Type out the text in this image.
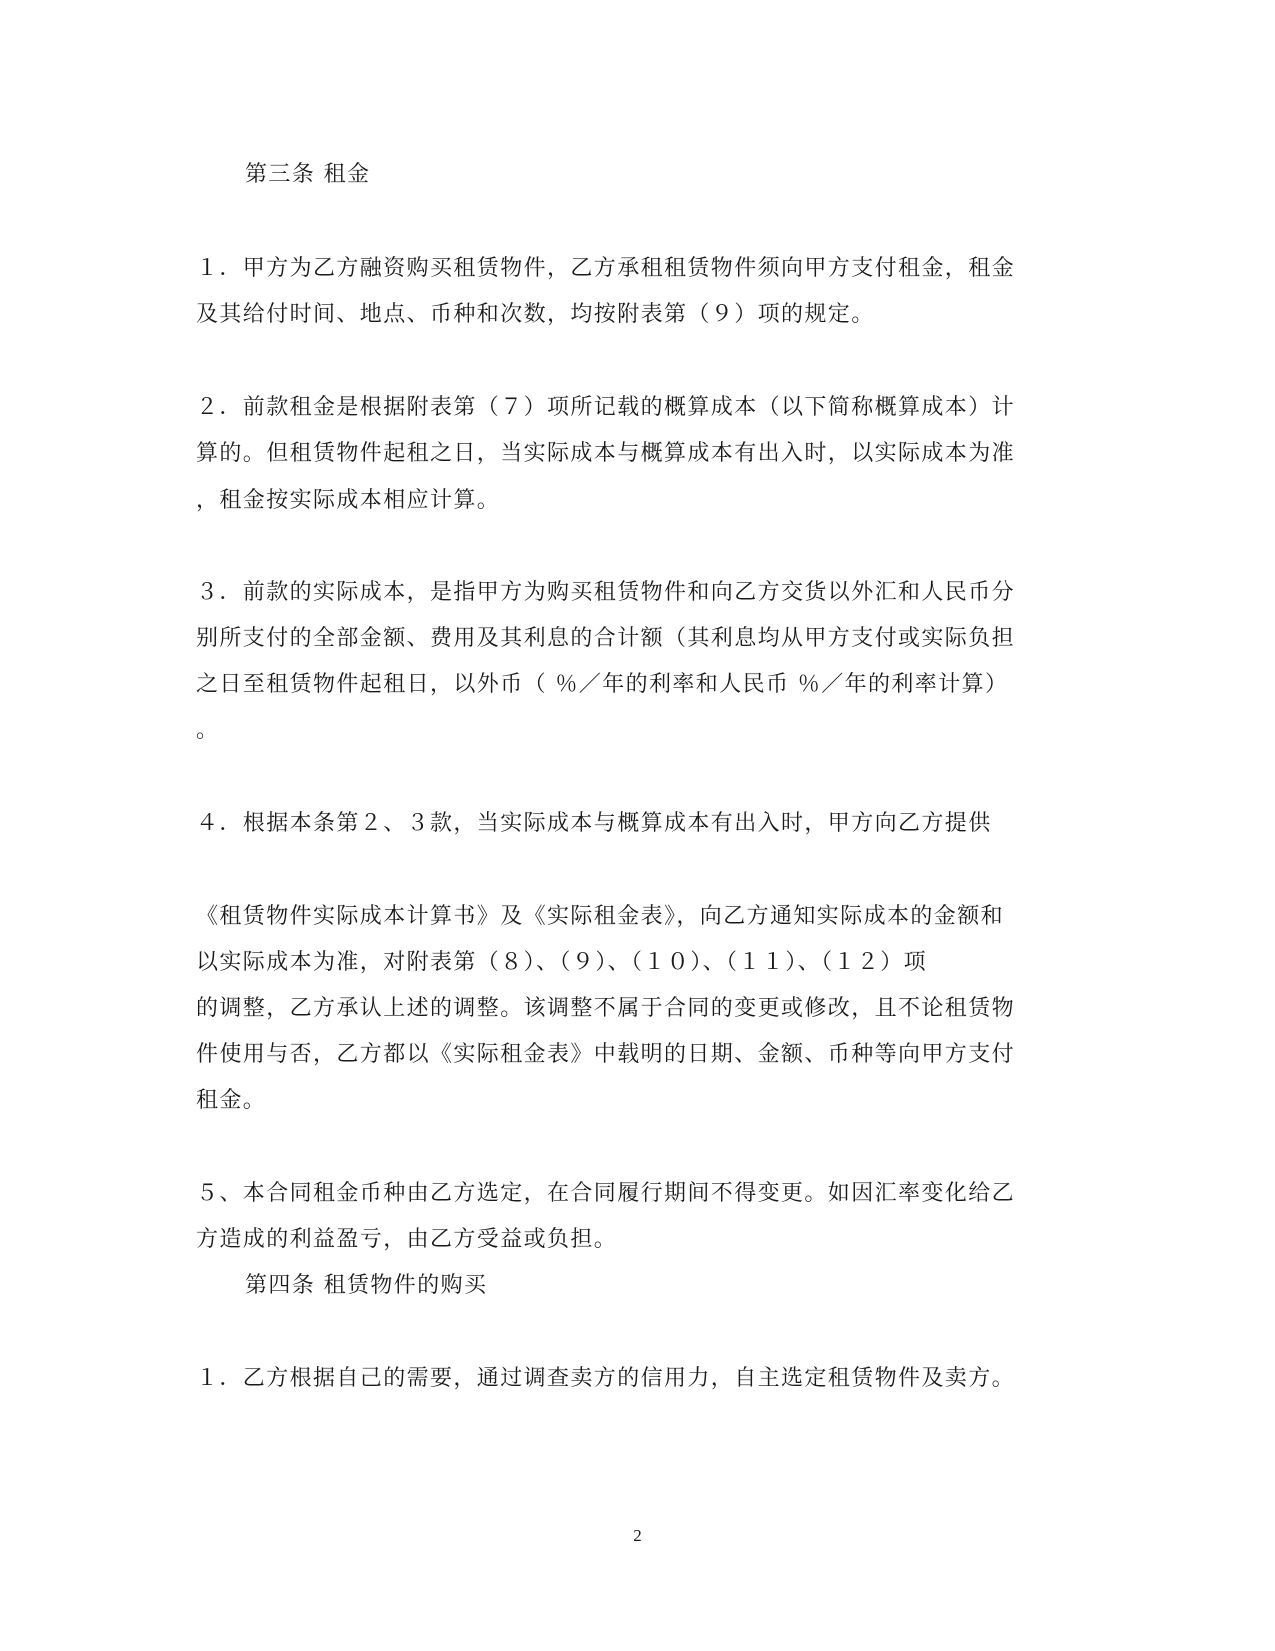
第三条 租金
１．甲方为乙方融资购买租赁物件，乙方承租租赁物件须向甲方支付租金，租金
及其给付时间、地点、币种和次数，均按附表第（９）项的规定。
２．前款租金是根据附表第（７）项所记载的概算成本（以下简称概算成本）计
算的。但租赁物件起租之日，当实际成本与概算成本有出入时，以实际成本为准
，租金按实际成本相应计算。
３．前款的实际成本，是指甲方为购买租赁物件和向乙方交货以外汇和人民币分
别所支付的全部金额、费用及其利息的合计额（其利息均从甲方支付或实际负担
之日至租赁物件起租日，以外币（ ％／年的利率和人民币 ％／年的利率计算）
。
４．根据本条第２、３款，当实际成本与概算成本有出入时，甲方向乙方提供
《租赁物件实际成本计算书》及《实际租金表》，向乙方通知实际成本的金额和
以实际成本为准，对附表第（８）、（９）、（１０）、（１１）、（１２）项
的调整，乙方承认上述的调整。该调整不属于合同的变更或修改，且不论租赁物
件使用与否，乙方都以《实际租金表》中载明的日期、金额、币种等向甲方支付
租金。
５、本合同租金币种由乙方选定，在合同履行期间不得变更。如因汇率变化给乙
方造成的利益盈亏，由乙方受益或负担。
第四条 租赁物件的购买
１．乙方根据自己的需要，通过调查卖方的信用力，自主选定租赁物件及卖方。
2
